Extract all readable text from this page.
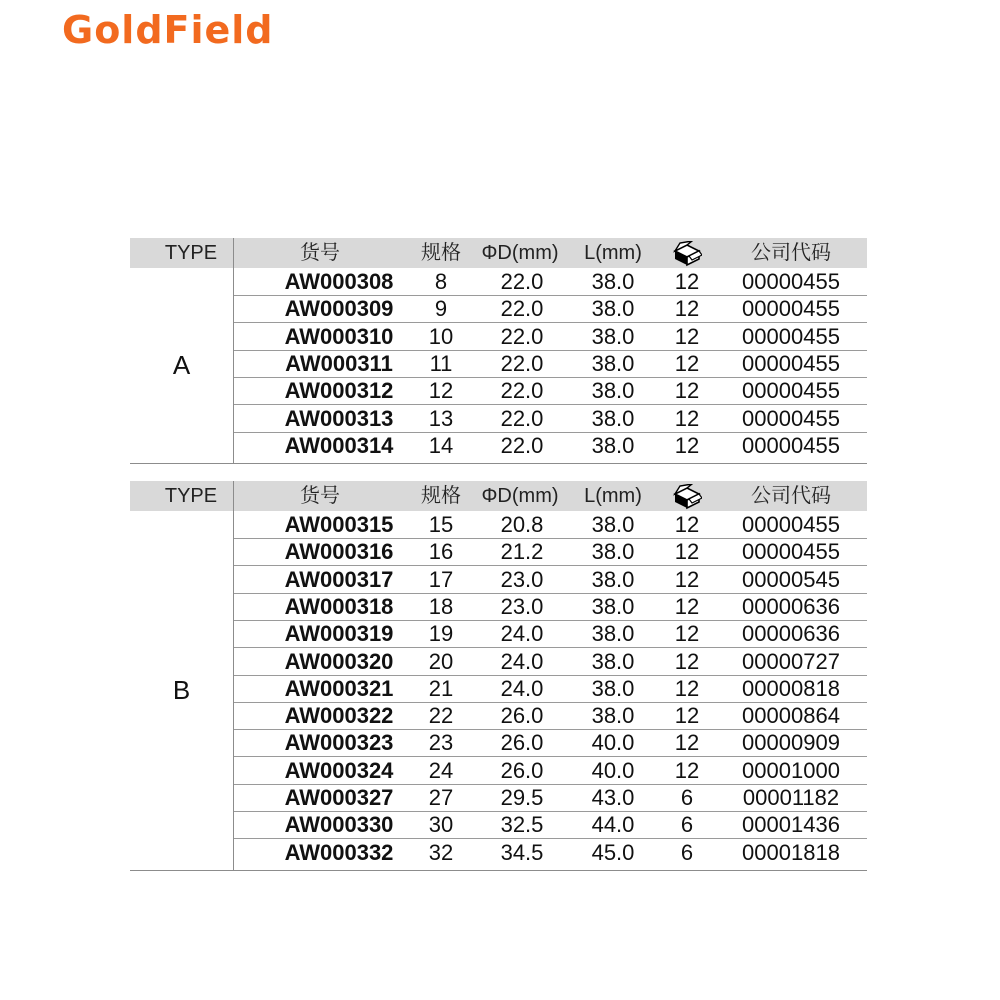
GoldField
TYPE	货号	规格	ΦD(mm)	L(mm)	公司代码
A
AW000308	8	22.0	38.0	12	00000455
AW000309	9	22.0	38.0	12	00000455
AW000310	10	22.0	38.0	12	00000455
AW000311	11	22.0	38.0	12	00000455
AW000312	12	22.0	38.0	12	00000455
AW000313	13	22.0	38.0	12	00000455
AW000314	14	22.0	38.0	12	00000455
TYPE	货号	规格	ΦD(mm)	L(mm)	公司代码
B
AW000315	15	20.8	38.0	12	00000455
AW000316	16	21.2	38.0	12	00000455
AW000317	17	23.0	38.0	12	00000545
AW000318	18	23.0	38.0	12	00000636
AW000319	19	24.0	38.0	12	00000636
AW000320	20	24.0	38.0	12	00000727
AW000321	21	24.0	38.0	12	00000818
AW000322	22	26.0	38.0	12	00000864
AW000323	23	26.0	40.0	12	00000909
AW000324	24	26.0	40.0	12	00001000
AW000327	27	29.5	43.0	6	00001182
AW000330	30	32.5	44.0	6	00001436
AW000332	32	34.5	45.0	6	00001818
